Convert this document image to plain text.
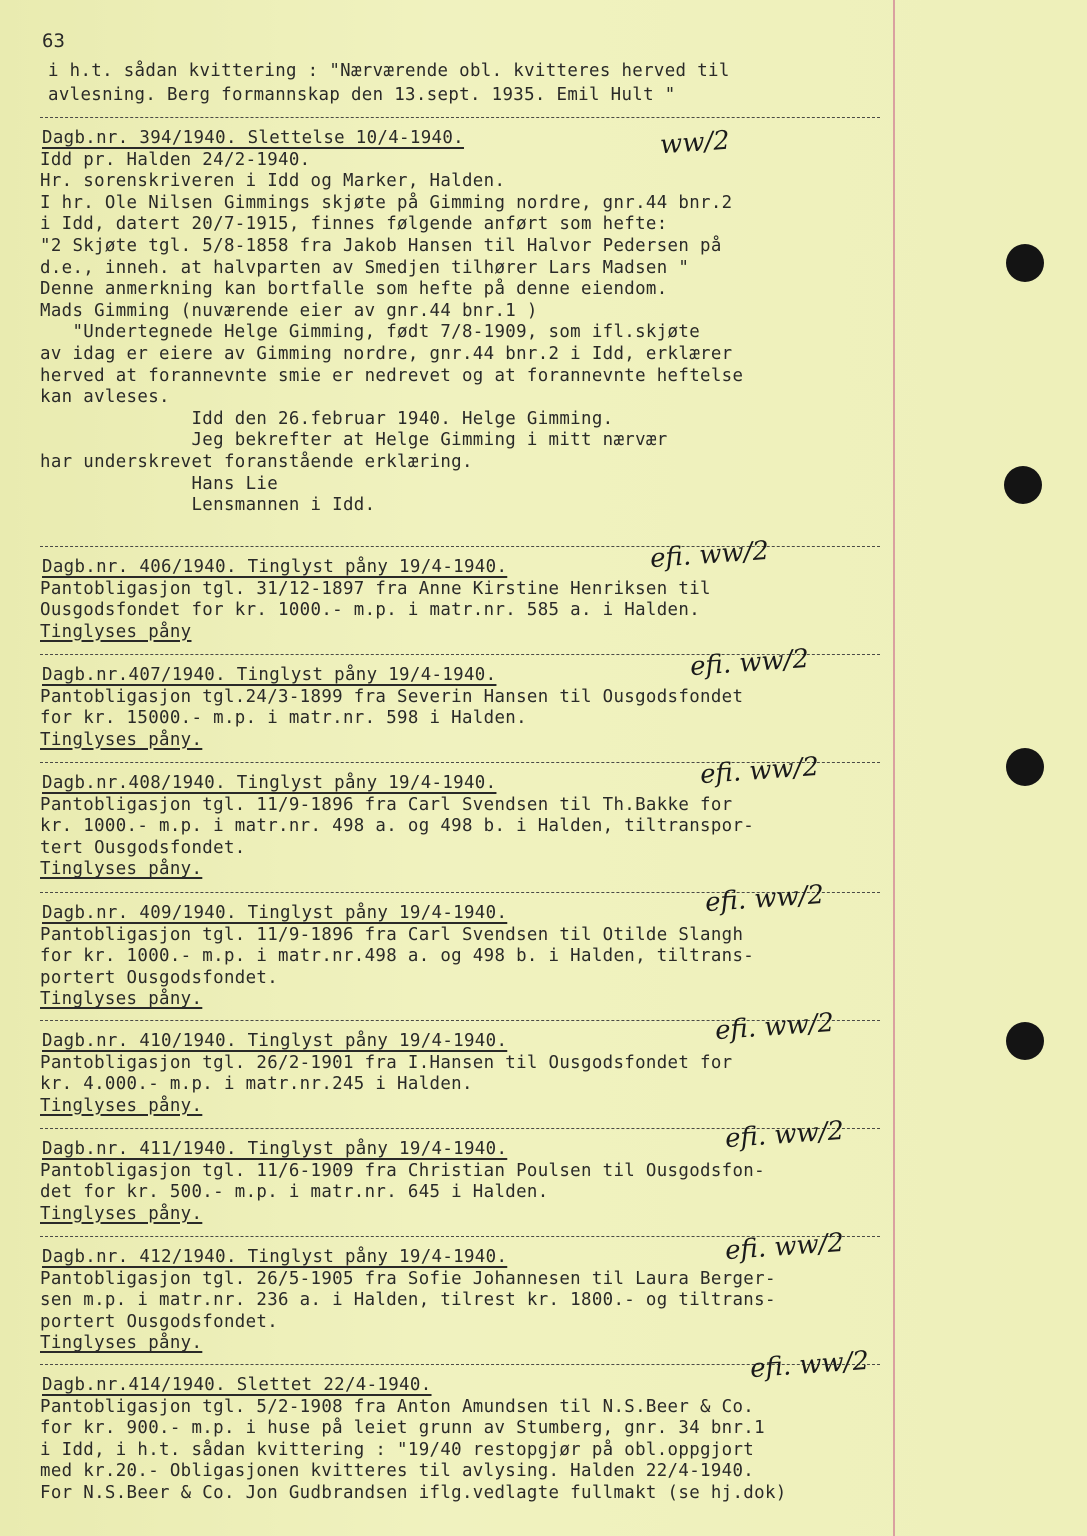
63
i h.t. sådan kvittering : "Nærværende obl. kvitteres herved til
avlesning. Berg formannskap den 13.sept. 1935. Emil Hult "
Dagb.nr. 394/1940. Slettelse 10/4-1940.	ww/2
Idd pr. Halden 24/2-1940.
Hr. sorenskriveren i Idd og Marker, Halden.
I hr. Ole Nilsen Gimmings skjøte på Gimming nordre, gnr.44 bnr.2
i Idd, datert 20/7-1915, finnes følgende anført som hefte:
"2 Skjøte tgl. 5/8-1858 fra Jakob Hansen til Halvor Pedersen på
d.e., inneh. at halvparten av Smedjen tilhører Lars Madsen "
Denne anmerkning kan bortfalle som hefte på denne eiendom.
Mads Gimming (nuværende eier av gnr.44 bnr.1 )
"Undertegnede Helge Gimming, født 7/8-1909, som ifl.skjøte
av idag er eiere av Gimming nordre, gnr.44 bnr.2 i Idd, erklærer
herved at forannevnte smie er nedrevet og at forannevnte heftelse
kan avleses.
Idd den 26.februar 1940. Helge Gimming.
Jeg bekrefter at Helge Gimming i mitt nærvær
har underskrevet foranstående erklæring.
Hans Lie
Lensmannen i Idd.
Dagb.nr. 406/1940. Tinglyst påny 19/4-1940.	efi. ww/2
Pantobligasjon tgl. 31/12-1897 fra Anne Kirstine Henriksen til
Ousgodsfondet for kr. 1000.- m.p. i matr.nr. 585 a. i Halden.
Tinglyses påny
Dagb.nr.407/1940. Tinglyst påny 19/4-1940.	efi. ww/2
Pantobligasjon tgl.24/3-1899 fra Severin Hansen til Ousgodsfondet
for kr. 15000.- m.p. i matr.nr. 598 i Halden.
Tinglyses påny.
Dagb.nr.408/1940. Tinglyst påny 19/4-1940.	efi. ww/2
Pantobligasjon tgl. 11/9-1896 fra Carl Svendsen til Th.Bakke for
kr. 1000.- m.p. i matr.nr. 498 a. og 498 b. i Halden, tiltranspor-
tert Ousgodsfondet.
Tinglyses påny.
Dagb.nr. 409/1940. Tinglyst påny 19/4-1940.	efi. ww/2
Pantobligasjon tgl. 11/9-1896 fra Carl Svendsen til Otilde Slangh
for kr. 1000.- m.p. i matr.nr.498 a. og 498 b. i Halden, tiltrans-
portert Ousgodsfondet.
Tinglyses påny.
Dagb.nr. 410/1940. Tinglyst påny 19/4-1940.	efi. ww/2
Pantobligasjon tgl. 26/2-1901 fra I.Hansen til Ousgodsfondet for
kr. 4.000.- m.p. i matr.nr.245 i Halden.
Tinglyses påny.
Dagb.nr. 411/1940. Tinglyst påny 19/4-1940.	efi. ww/2
Pantobligasjon tgl. 11/6-1909 fra Christian Poulsen til Ousgodsfon-
det for kr. 500.- m.p. i matr.nr. 645 i Halden.
Tinglyses påny.
Dagb.nr. 412/1940. Tinglyst påny 19/4-1940.	efi. ww/2
Pantobligasjon tgl. 26/5-1905 fra Sofie Johannesen til Laura Berger-
sen m.p. i matr.nr. 236 a. i Halden, tilrest kr. 1800.- og tiltrans-
portert Ousgodsfondet.
Tinglyses påny.
Dagb.nr.414/1940. Slettet 22/4-1940.
efi. ww/2
Pantobligasjon tgl. 5/2-1908 fra Anton Amundsen til N.S.Beer & Co.
for kr. 900.- m.p. i huse på leiet grunn av Stumberg, gnr. 34 bnr.1
i Idd, i h.t. sådan kvittering : "19/40 restopgjør på obl.oppgjort
med kr.20.- Obligasjonen kvitteres til avlysing. Halden 22/4-1940.
For N.S.Beer & Co. Jon Gudbrandsen iflg.vedlagte fullmakt (se hj.dok)
